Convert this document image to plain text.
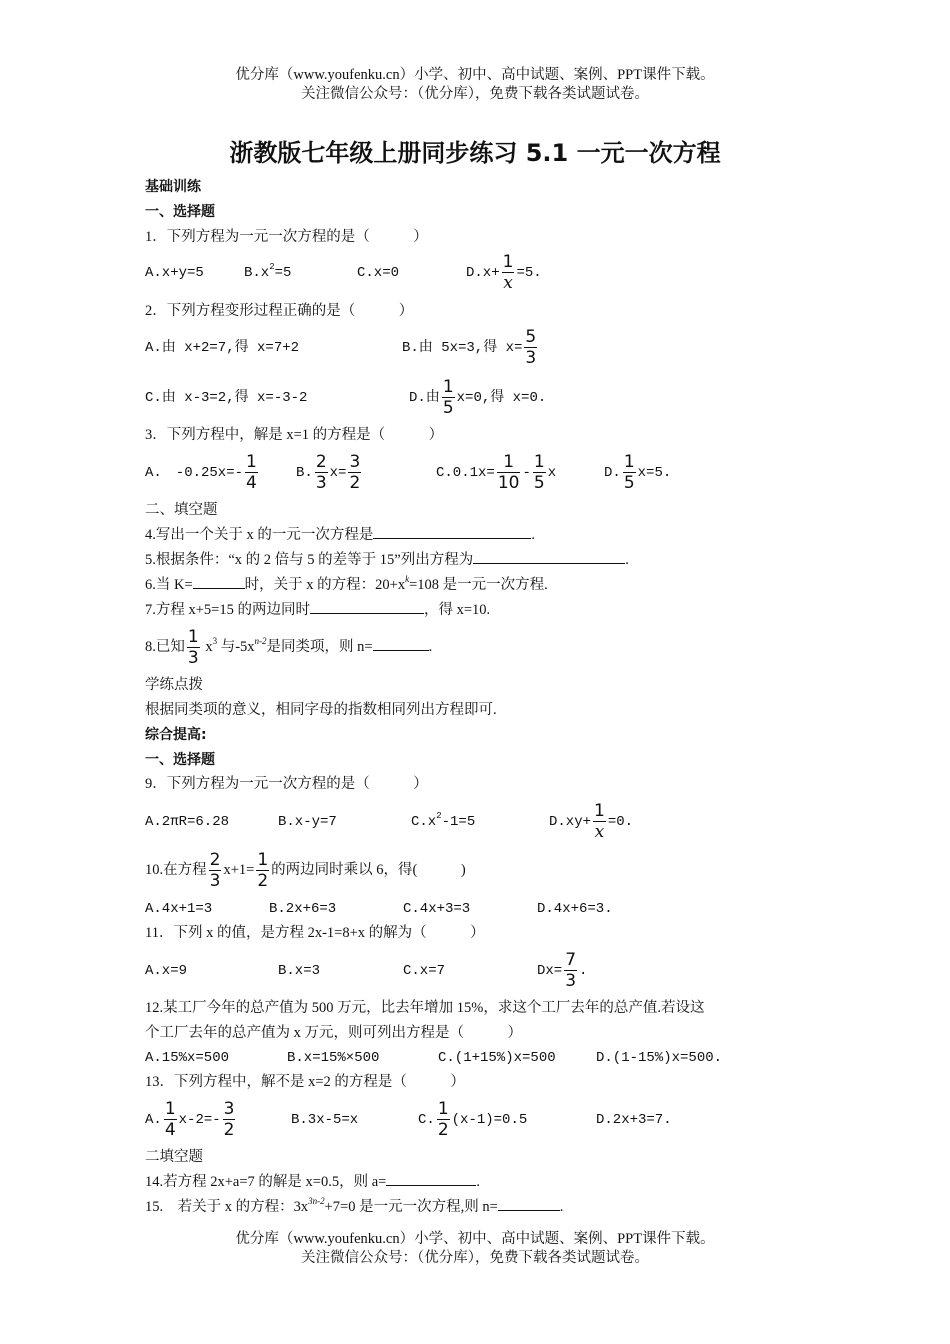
优分库（www.youfenku.cn）小学、初中、高中试题、案例、PPT课件下载。
关注微信公众号：（优分库），免费下载各类试题试卷。
浙教版七年级上册同步练习 5.1 一元一次方程
基础训练
一、选择题
1．下列方程为一元一次方程的是（　　　）
A.x+y=5	$B.x^2=5$	C.x=0	$D.x+ \frac{1}{x} =5$.
2．下列方程变形过程正确的是（　　　）
A.由 x+2=7,得 x=7+2	B.由 5x=3,得 $x= \frac{5}{3}$
C.由 x-3=2,得 x=-3-2	D.由 $\frac{1}{5} x=0$,得 x=0.
3．下列方程中，解是 x=1 的方程是（　　　）
A.　$-0.25x=- \frac{1}{4}$	B. $\frac{2}{3} x= \frac{3}{2}$	$C.0.1x= \frac{1}{10} - \frac{1}{5}$ x	D. $\frac{1}{5} x=5$.
二、填空题
4.写出一个关于 x 的一元一次方程是	.
5.根据条件：“x 的 2 倍与 5 的差等于 15”列出方程为	.
6.当 K=	时，关于 x 的方程：$20+x^k=108$ 是一元一次方程.
7.方程 x+5=15 的两边同时	，得 x=10.
8.已知 $\frac{1}{3} x^3$ 与$-5x^{n-2}$是同类项，则 n=	.
学练点拨
根据同类项的意义，相同字母的指数相同列出方程即可.
综合提高:
一、选择题
9．下列方程为一元一次方程的是（　　　）
A.2πR=6.28	B.x-y=7	$C.x^2-1=5$	$D.xy+ \frac{1}{x} =0$.
10.在方程 $\frac{2}{3} x+1= \frac{1}{2}$ 的两边同时乘以 6，得(　　　)
A.4x+1=3	B.2x+6=3	C.4x+3=3	D.4x+6=3.
11．下列 x 的值，是方程 2x-1=8+x 的解为（　　　）
A.x=9	B.x=3	C.x=7	$Dx= \frac{7}{3}$ .
12.某工厂今年的总产值为 500 万元，比去年增加 15%，求这个工厂去年的总产值.若设这
个工厂去年的总产值为 x 万元，则可列出方程是（　　　）
A.15%x=500	B.x=15%×500	C.(1+15%)x=500	D.(1-15%)x=500.
13．下列方程中，解不是 x=2 的方程是（　　　）
A. $\frac{1}{4} x-2=- \frac{3}{2}$	B.3x-5=x	C. $\frac{1}{2} (x-1)=0.5$	D.2x+3=7.
二填空题
14.若方程 2x+a=7 的解是 x=0.5，则 a=	.
15.　若关于 x 的方程：$3x^{3n-2}+7=0$ 是一元一次方程,则 n=	.
优分库（www.youfenku.cn）小学、初中、高中试题、案例、PPT课件下载。
关注微信公众号：（优分库），免费下载各类试题试卷。
